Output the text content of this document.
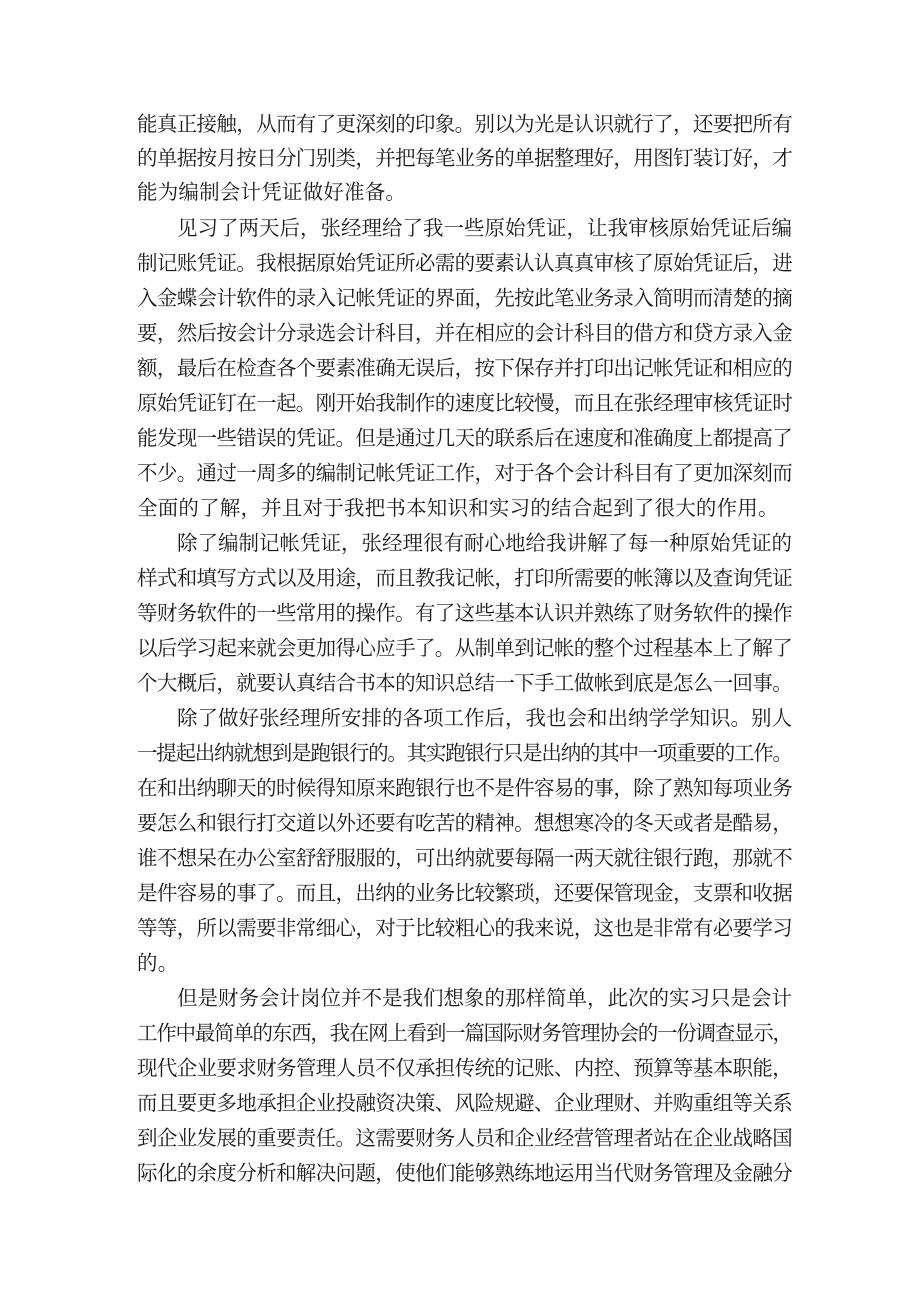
能真正接触，从而有了更深刻的印象。别以为光是认识就行了，还要把所有
的单据按月按日分门别类，并把每笔业务的单据整理好，用图钉装订好，才
能为编制会计凭证做好准备。
见习了两天后，张经理给了我一些原始凭证，让我审核原始凭证后编
制记账凭证。我根据原始凭证所必需的要素认认真真审核了原始凭证后，进
入金蝶会计软件的录入记帐凭证的界面，先按此笔业务录入简明而清楚的摘
要，然后按会计分录选会计科目，并在相应的会计科目的借方和贷方录入金
额，最后在检查各个要素准确无误后，按下保存并打印出记帐凭证和相应的
原始凭证钉在一起。刚开始我制作的速度比较慢，而且在张经理审核凭证时
能发现一些错误的凭证。但是通过几天的联系后在速度和准确度上都提高了
不少。通过一周多的编制记帐凭证工作，对于各个会计科目有了更加深刻而
全面的了解，并且对于我把书本知识和实习的结合起到了很大的作用。
除了编制记帐凭证，张经理很有耐心地给我讲解了每一种原始凭证的
样式和填写方式以及用途，而且教我记帐，打印所需要的帐簿以及查询凭证
等财务软件的一些常用的操作。有了这些基本认识并熟练了财务软件的操作
以后学习起来就会更加得心应手了。从制单到记帐的整个过程基本上了解了
个大概后，就要认真结合书本的知识总结一下手工做帐到底是怎么一回事。
除了做好张经理所安排的各项工作后，我也会和出纳学学知识。别人
一提起出纳就想到是跑银行的。其实跑银行只是出纳的其中一项重要的工作。
在和出纳聊天的时候得知原来跑银行也不是件容易的事，除了熟知每项业务
要怎么和银行打交道以外还要有吃苦的精神。想想寒冷的冬天或者是酷易，
谁不想呆在办公室舒舒服服的，可出纳就要每隔一两天就往银行跑，那就不
是件容易的事了。而且，出纳的业务比较繁琐，还要保管现金，支票和收据
等等，所以需要非常细心，对于比较粗心的我来说，这也是非常有必要学习
的。
但是财务会计岗位并不是我们想象的那样简单，此次的实习只是会计
工作中最简单的东西，我在网上看到一篇国际财务管理协会的一份调查显示，
现代企业要求财务管理人员不仅承担传统的记账、内控、预算等基本职能，
而且要更多地承担企业投融资决策、风险规避、企业理财、并购重组等关系
到企业发展的重要责任。这需要财务人员和企业经营管理者站在企业战略国
际化的余度分析和解决问题，使他们能够熟练地运用当代财务管理及金融分
